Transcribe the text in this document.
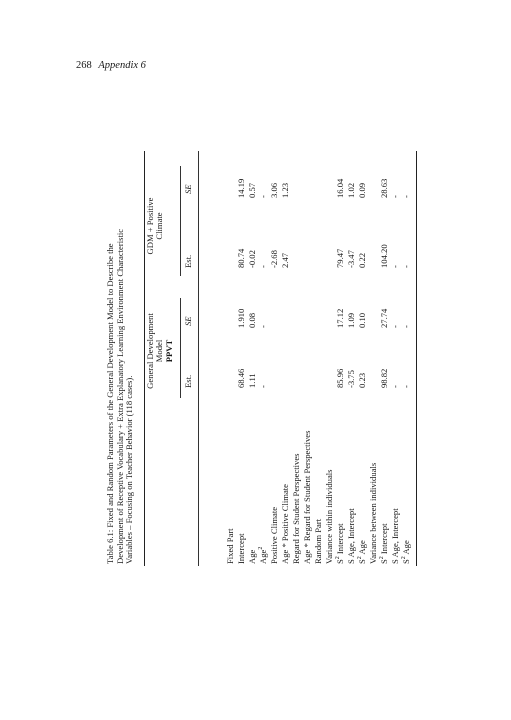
268 Appendix 6
Table 6.1: Fixed and Random Parameters of the General Development Model to Describe the Development of Receptive Vocabulary + Extra Explanatory Learning Environment Characteristic Variables – Focusing on Teacher Behavior (118 cases).
General Development Model PPVT
GDM + Positive Climate
Est.
SE
Est.
SE
Fixed Part Intercept
68.46
1.910
80.74
14.19
Age
1.11
0.08
-0.02
0.57
Age$^2$
-
-
-
-
Positive Climate
-2.68
3.06
Age * Positive Climate
2.47
1.23
Regard for Student Perspectives Age * Regard for Student Perspectives Random Part Variance within individuals $S^2$ Intercept
85.96
17.12
79.47
16.04
S Age, Intercept
-3.75
1.09
-3.47
1.02
$S^2$ Age
0.23
0.10
0.22
0.09
Variance between individuals $S^2$ Intercept
98.82
27.74
104.20
28.63
S Age, Intercept
-
-
-
-
$S^2$ Age
-
-
-
-
